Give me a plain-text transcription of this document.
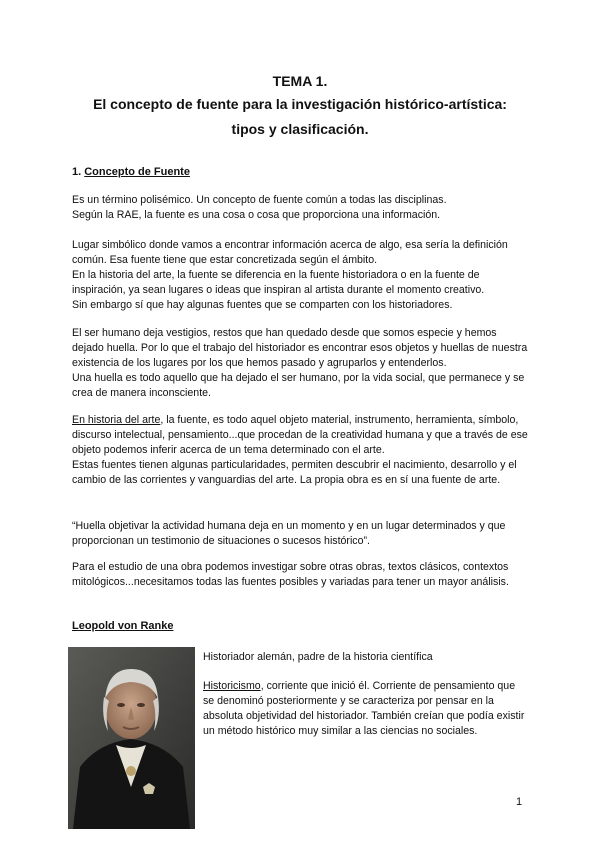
TEMA 1.
El concepto de fuente para la investigación histórico-artística:
tipos y clasificación.
1. Concepto de Fuente
Es un término polisémico. Un concepto de fuente común a todas las disciplinas.
Según la RAE, la fuente es una cosa o cosa que proporciona una información.
Lugar simbólico donde vamos a encontrar información acerca de algo, esa sería la definición común. Esa fuente tiene que estar concretizada según el ámbito.
En la historia del arte, la fuente se diferencia en la fuente historiadora o en la fuente de inspiración, ya sean lugares o ideas que inspiran al artista durante el momento creativo.
Sin embargo sí que hay algunas fuentes que se comparten con los historiadores.
El ser humano deja vestigios, restos que han quedado desde que somos especie y hemos dejado huella. Por lo que el trabajo del historiador es encontrar esos objetos y huellas de nuestra existencia de los lugares por los que hemos pasado y agruparlos y entenderlos.
Una huella es todo aquello que ha dejado el ser humano, por la vida social, que permanece y se crea de manera inconsciente.
En historia del arte, la fuente, es todo aquel objeto material, instrumento, herramienta, símbolo, discurso intelectual, pensamiento...que procedan de la creatividad humana y que a través de ese objeto podemos inferir acerca de un tema determinado con el arte.
Estas fuentes tienen algunas particularidades, permiten descubrir el nacimiento, desarrollo y el cambio de las corrientes y vanguardias del arte. La propia obra es en sí una fuente de arte.
“Huella objetivar la actividad humana deja en un momento y en un lugar determinados y que proporcionan un testimonio de situaciones o sucesos histórico”.
Para el estudio de una obra podemos investigar sobre otras obras, textos clásicos, contextos mitológicos...necesitamos todas las fuentes posibles y variadas para tener un mayor análisis.
Leopold von Ranke
Historiador alemán, padre de la historia científica
Historicismo, corriente que inició él. Corriente de pensamiento que se denominó posteriormente y se caracteriza por pensar en la absoluta objetividad del historiador. También creían que podía existir un método histórico muy similar a las ciencias no sociales.
1
